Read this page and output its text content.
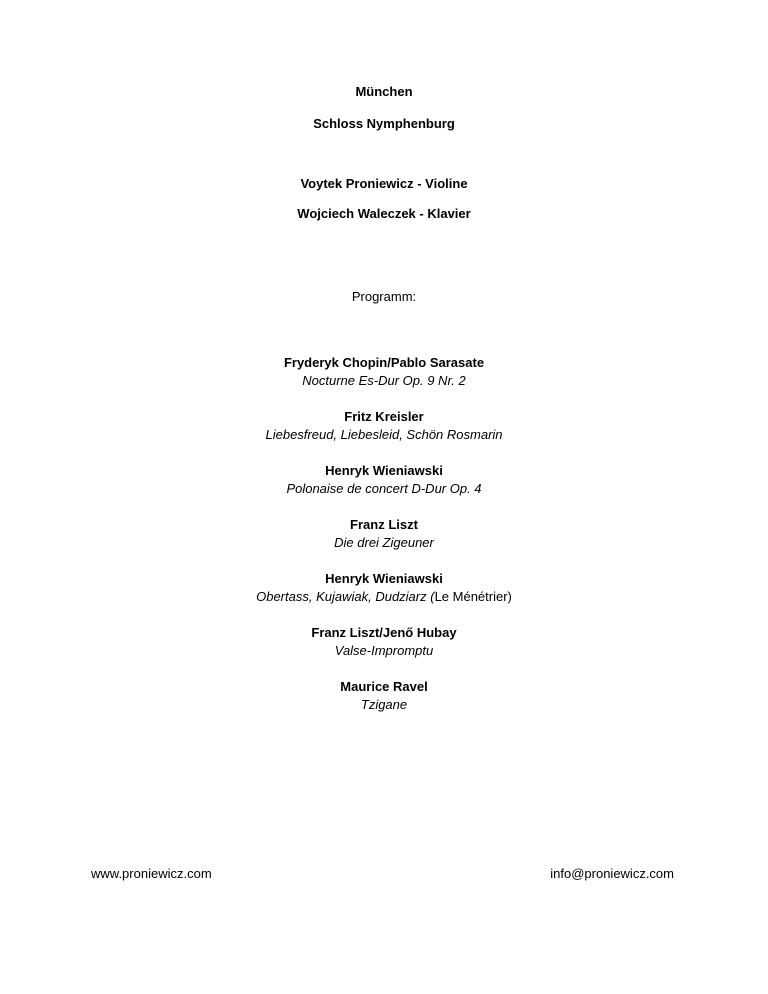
München
Schloss Nymphenburg
Voytek Proniewicz - Violine
Wojciech Waleczek - Klavier
Programm:
Fryderyk Chopin/Pablo Sarasate
Nocturne Es-Dur Op. 9 Nr. 2
Fritz Kreisler
Liebesfreud, Liebesleid, Schön Rosmarin
Henryk Wieniawski
Polonaise de concert D-Dur Op. 4
Franz Liszt
Die drei Zigeuner
Henryk Wieniawski
Obertass, Kujawiak, Dudziarz (Le Ménétrier)
Franz Liszt/Jenő Hubay
Valse-Impromptu
Maurice Ravel
Tzigane
www.proniewicz.com	info@proniewicz.com
